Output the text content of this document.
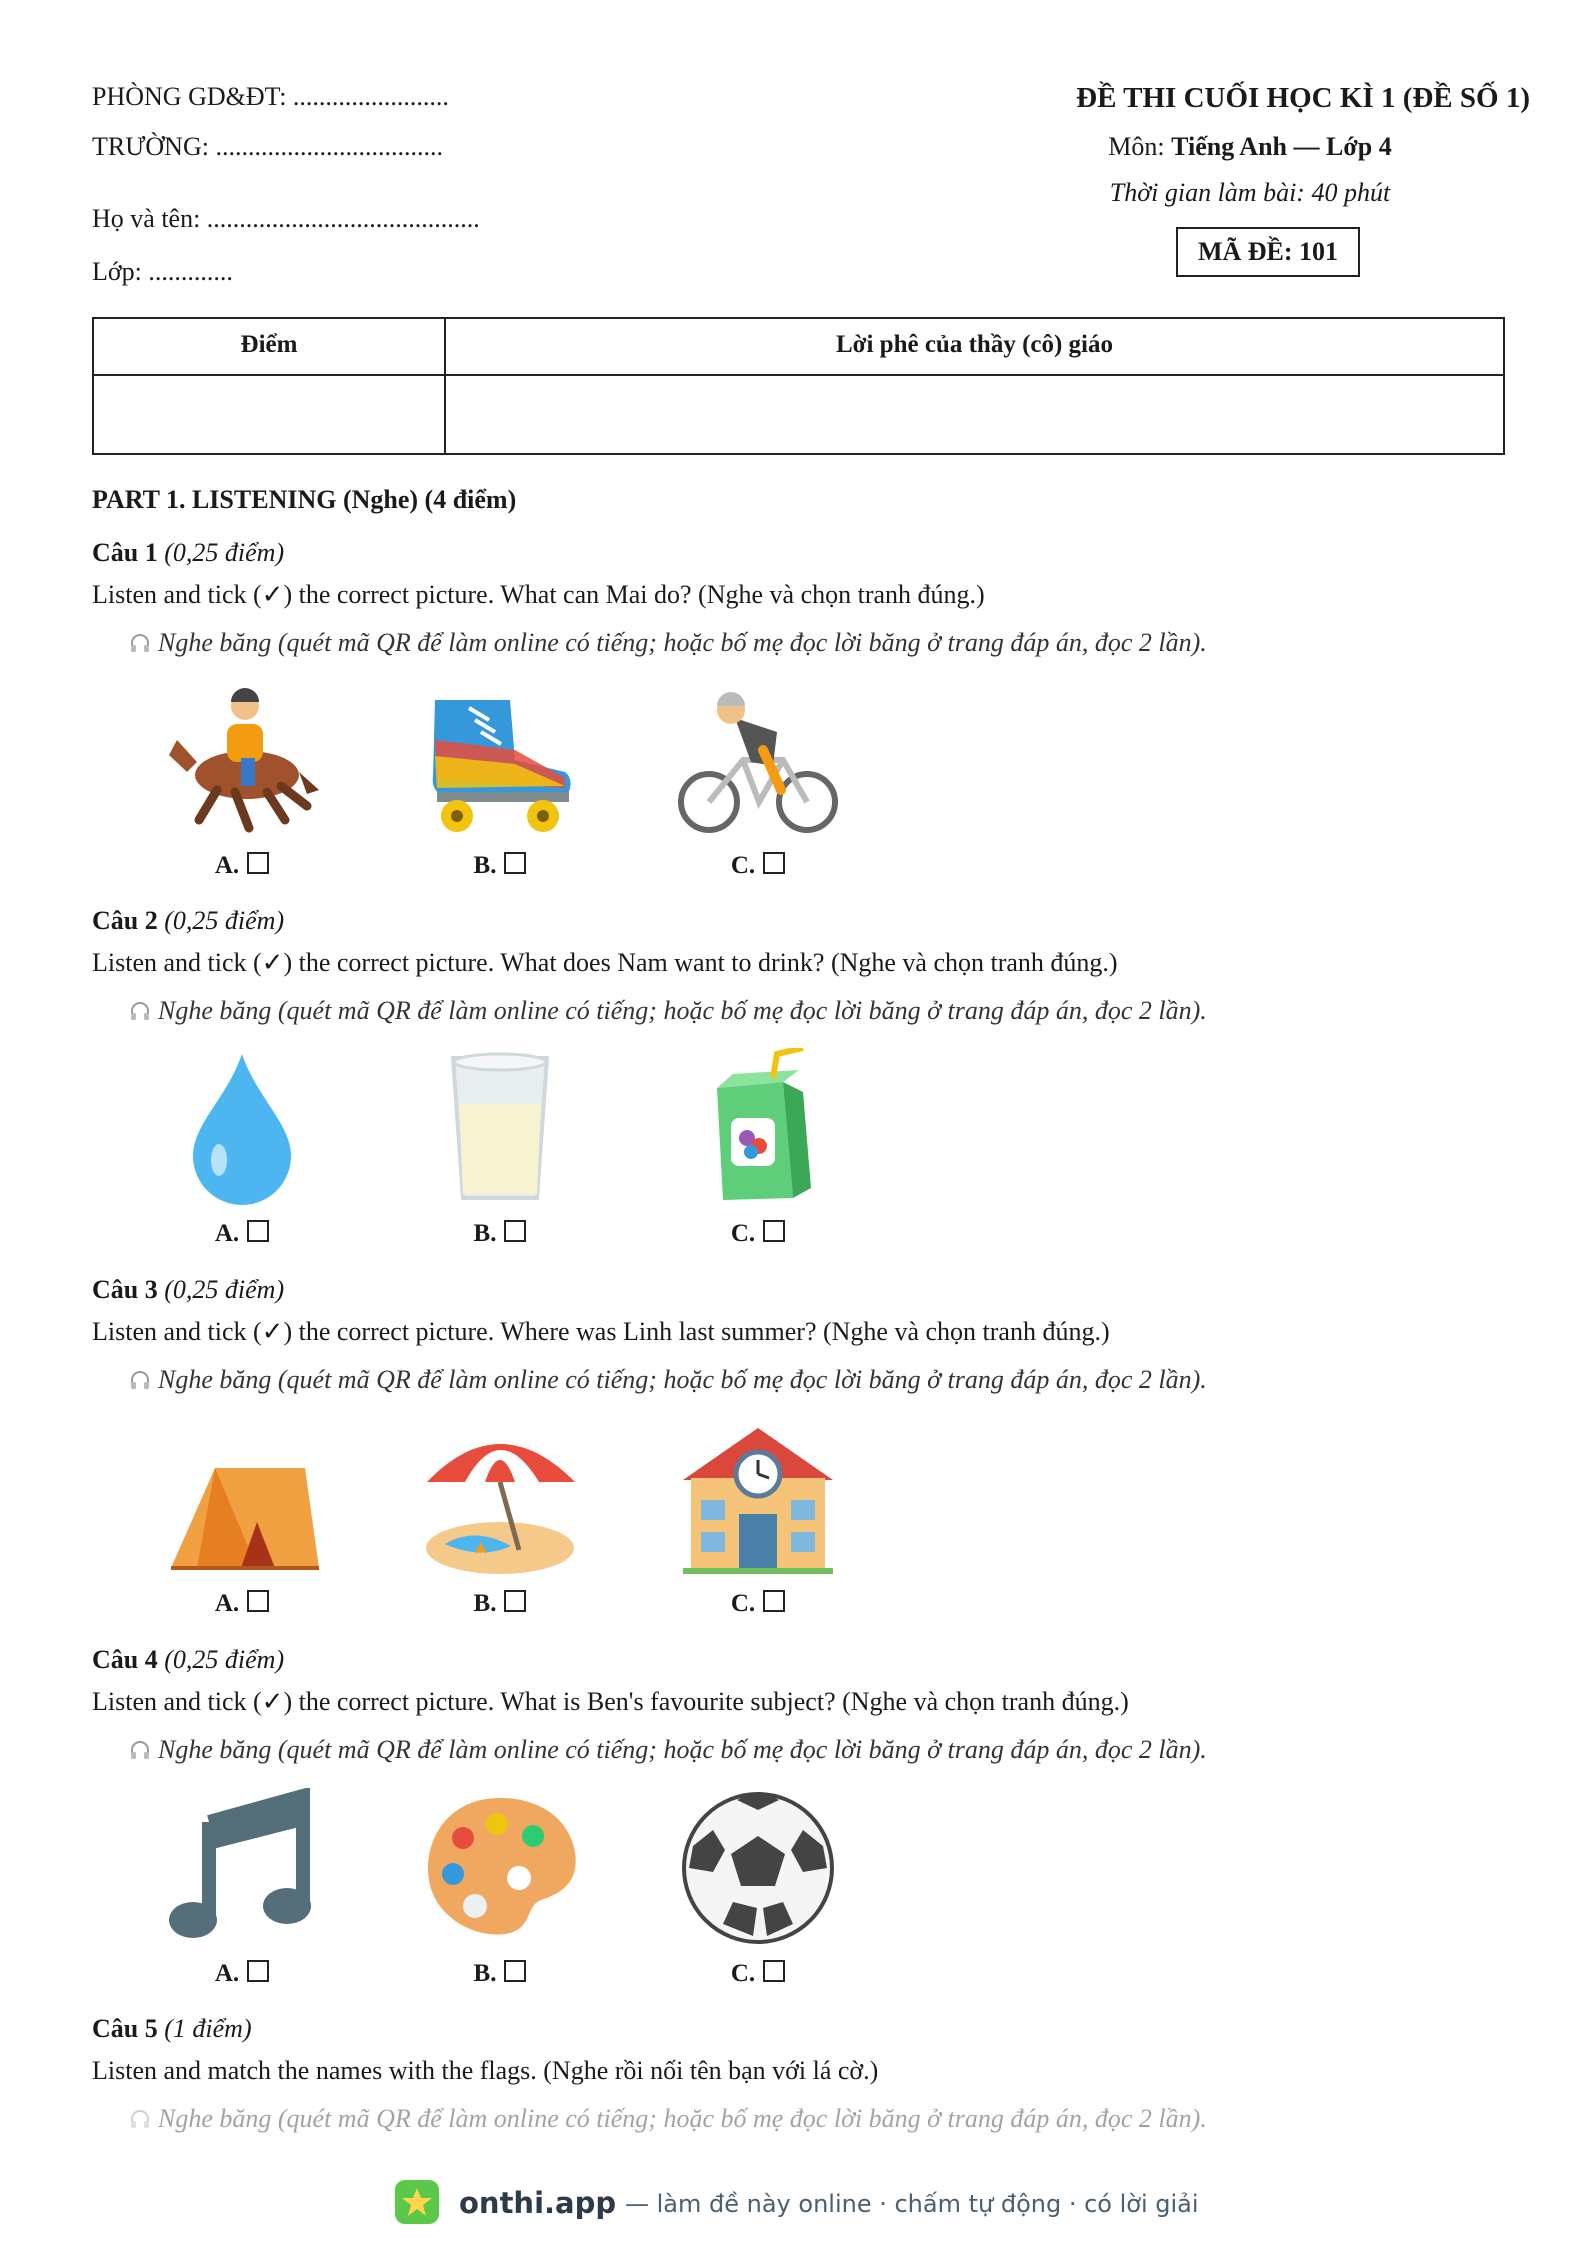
PHÒNG GD&ĐT: ........................
TRƯỜNG: ...................................
Họ và tên: ..........................................
Lớp: .............
ĐỀ THI CUỐI HỌC KÌ 1 (ĐỀ SỐ 1)
Môn: Tiếng Anh — Lớp 4
Thời gian làm bài: 40 phút
MÃ ĐỀ: 101
Điểm	Lời phê của thầy (cô) giáo
PART 1. LISTENING (Nghe) (4 điểm)
Câu 1 (0,25 điểm)
Listen and tick (✓) the correct picture. What can Mai do? (Nghe và chọn tranh đúng.)
Nghe băng (quét mã QR để làm online có tiếng; hoặc bố mẹ đọc lời băng ở trang đáp án, đọc 2 lần).
A.	B.	C.
Câu 2 (0,25 điểm)
Listen and tick (✓) the correct picture. What does Nam want to drink? (Nghe và chọn tranh đúng.)
Nghe băng (quét mã QR để làm online có tiếng; hoặc bố mẹ đọc lời băng ở trang đáp án, đọc 2 lần).
A.	B.	C.
Câu 3 (0,25 điểm)
Listen and tick (✓) the correct picture. Where was Linh last summer? (Nghe và chọn tranh đúng.)
Nghe băng (quét mã QR để làm online có tiếng; hoặc bố mẹ đọc lời băng ở trang đáp án, đọc 2 lần).
A.	B.	C.
Câu 4 (0,25 điểm)
Listen and tick (✓) the correct picture. What is Ben's favourite subject? (Nghe và chọn tranh đúng.)
Nghe băng (quét mã QR để làm online có tiếng; hoặc bố mẹ đọc lời băng ở trang đáp án, đọc 2 lần).
A.	B.	C.
Câu 5 (1 điểm)
Listen and match the names with the flags. (Nghe rồi nối tên bạn với lá cờ.)
Nghe băng (quét mã QR để làm online có tiếng; hoặc bố mẹ đọc lời băng ở trang đáp án, đọc 2 lần).
onthi.app — làm đề này online · chấm tự động · có lời giải
